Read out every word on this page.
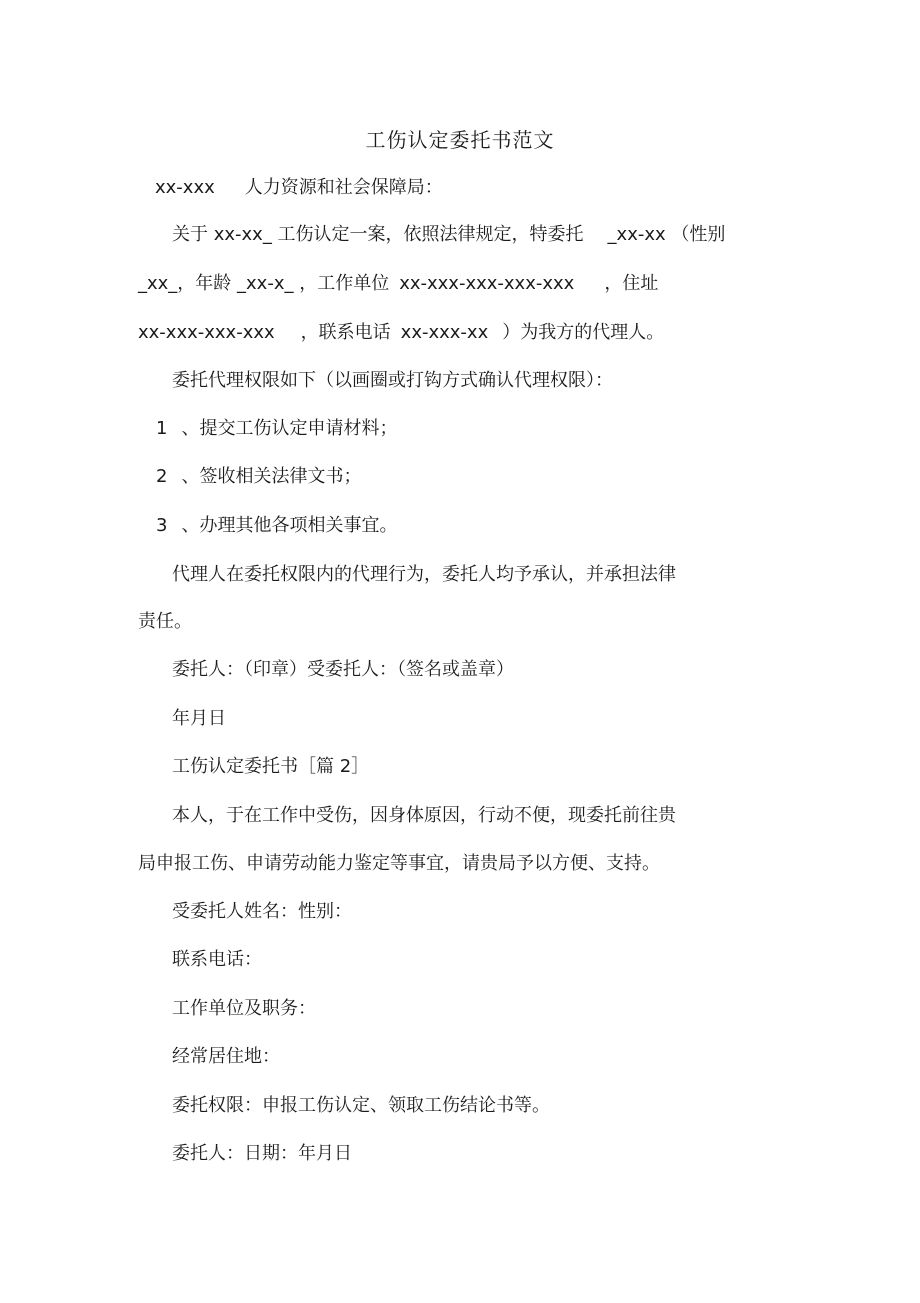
工伤认定委托书范文
xx-xxx 人力资源和社会保障局：
关于 xx-xx_ 工伤认定一案，依照法律规定，特委托 _xx-xx （性别
_xx_，年龄 _xx-x_ ，工作单位 xx-xxx-xxx-xxx-xxx ，住址
xx-xxx-xxx-xxx ，联系电话 xx-xxx-xx ）为我方的代理人。
委托代理权限如下（以画圈或打钩方式确认代理权限）：
1 、提交工伤认定申请材料；
2 、签收相关法律文书；
3 、办理其他各项相关事宜。
代理人在委托权限内的代理行为，委托人均予承认，并承担法律
责任。
委托人：（印章）受委托人：（签名或盖章）
年月日
工伤认定委托书［篇 2］
本人，于在工作中受伤，因身体原因，行动不便，现委托前往贵
局申报工伤、申请劳动能力鉴定等事宜，请贵局予以方便、支持。
受委托人姓名：性别：
联系电话：
工作单位及职务：
经常居住地：
委托权限：申报工伤认定、领取工伤结论书等。
委托人：日期：年月日
